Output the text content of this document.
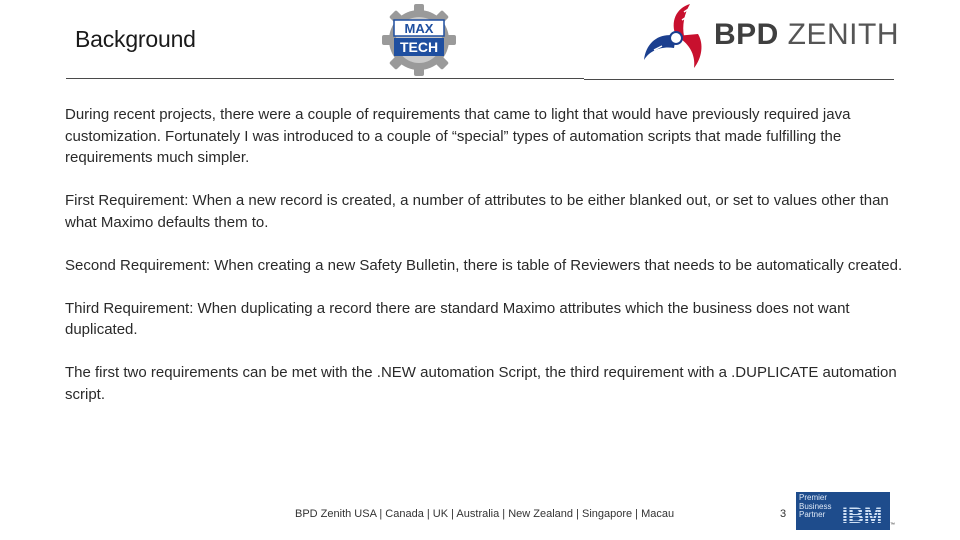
Background	MAX
TECH	BPD ZENITH

During recent projects, there were a couple of requirements that came to light that would have previously required java customization. Fortunately I was introduced to a couple of “special” types of automation scripts that made fulfilling the requirements much simpler.

First Requirement: When a new record is created, a number of attributes to be either blanked out, or set to values other than what Maximo defaults them to.

Second Requirement: When creating a new Safety Bulletin, there is table of Reviewers that needs to be automatically created.

Third Requirement: When duplicating a record there are standard Maximo attributes which the business does not want duplicated.

The first two requirements can be met with the .NEW automation Script, the third requirement with a .DUPLICATE automation script.

BPD Zenith USA | Canada | UK | Australia | New Zealand | Singapore | Macau	3
Premier
Business
Partner IBM ™
